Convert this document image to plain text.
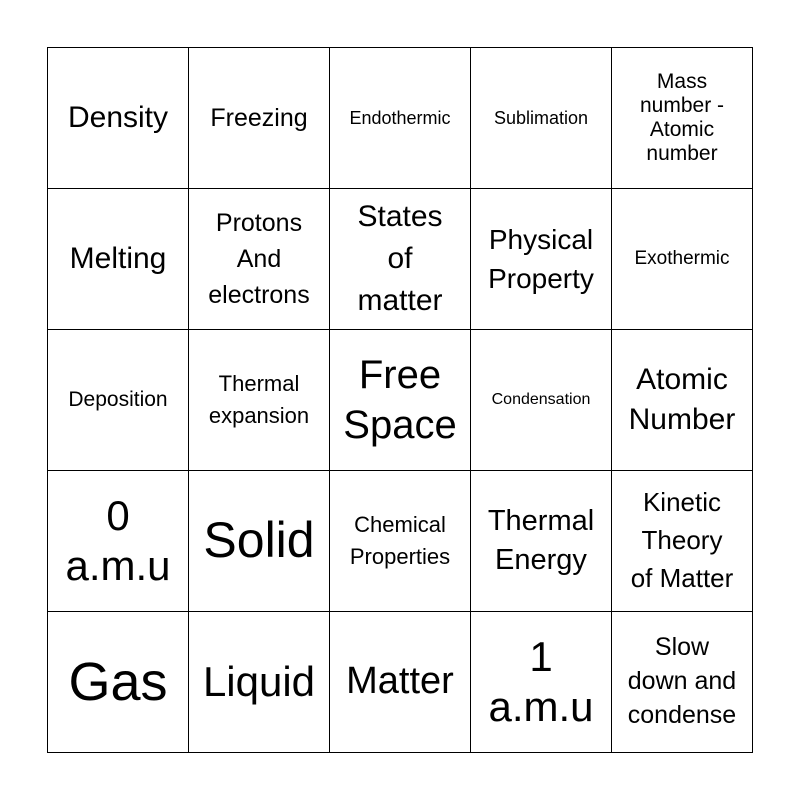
Density Freezing Endothermic Sublimation
Mass
number -
Atomic
number
Melting
Protons
And
electrons
States
of
matter
Physical
Property
Exothermic
Deposition
Thermal
expansion
Free
Space
Condensation
Atomic
Number
0
a.m.u Solid Chemical
Properties
Thermal
Energy
Kinetic
Theory
of Matter
Gas Liquid Matter
1
a.m.u
Slow
down and
condense
